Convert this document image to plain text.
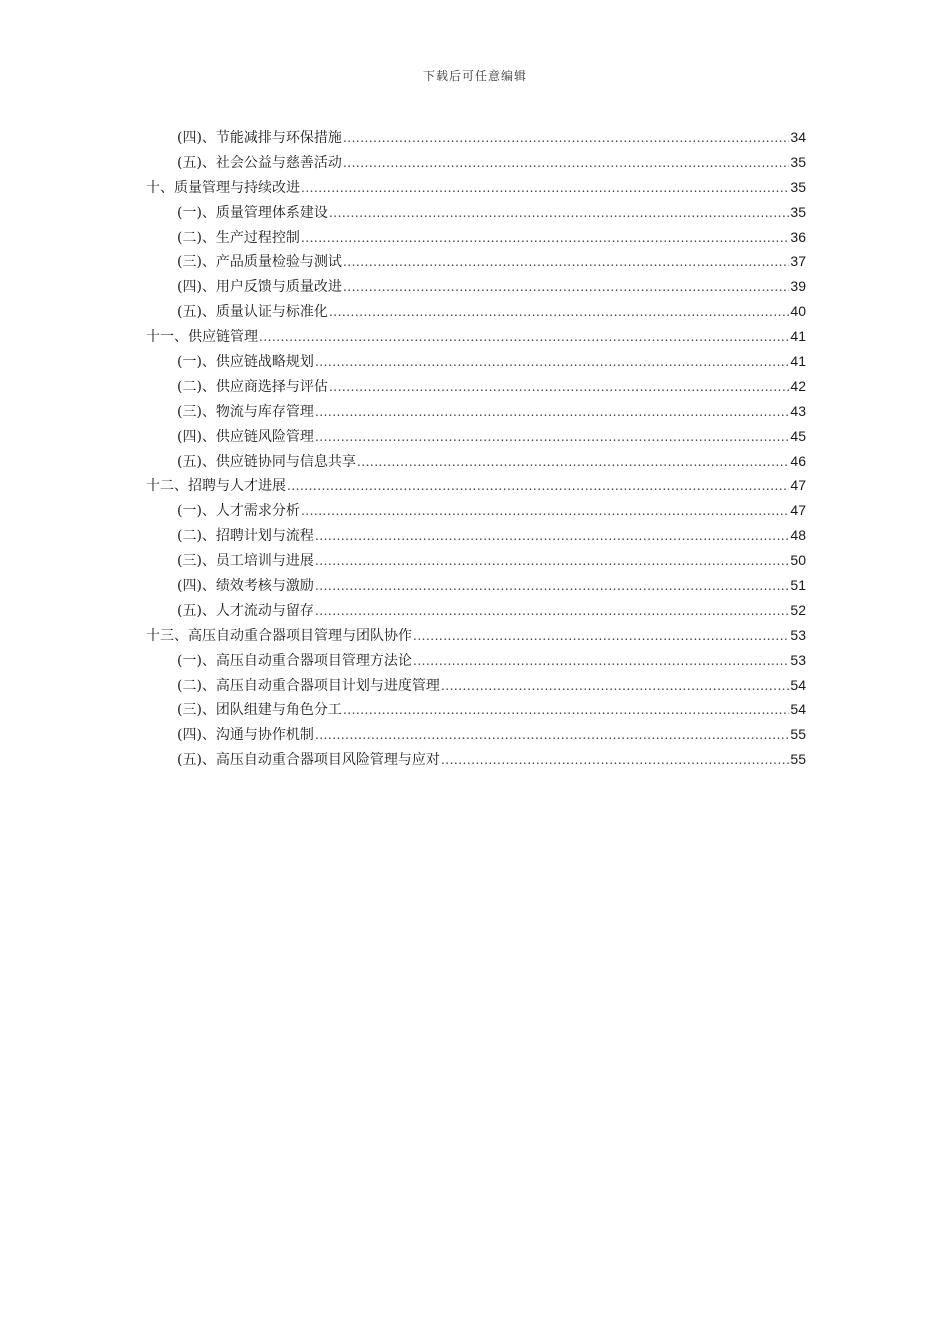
下载后可任意编辑
(四)、节能减排与环保措施 .....	34
(五)、社会公益与慈善活动 .....	35
十、质量管理与持续改进 .....	35
(一)、质量管理体系建设 .....	35
(二)、生产过程控制 .....	36
(三)、产品质量检验与测试 .....	37
(四)、用户反馈与质量改进 .....	39
(五)、质量认证与标准化 .....	40
十一、供应链管理 .....	41
(一)、供应链战略规划 .....	41
(二)、供应商选择与评估 .....	42
(三)、物流与库存管理 .....	43
(四)、供应链风险管理 .....	45
(五)、供应链协同与信息共享 .....	46
十二、招聘与人才进展 .....	47
(一)、人才需求分析 .....	47
(二)、招聘计划与流程 .....	48
(三)、员工培训与进展 .....	50
(四)、绩效考核与激励 .....	51
(五)、人才流动与留存 .....	52
十三、高压自动重合器项目管理与团队协作 .....	53
(一)、高压自动重合器项目管理方法论 .....	53
(二)、高压自动重合器项目计划与进度管理 .....	54
(三)、团队组建与角色分工 .....	54
(四)、沟通与协作机制 .....	55
(五)、高压自动重合器项目风险管理与应对 .....	55
